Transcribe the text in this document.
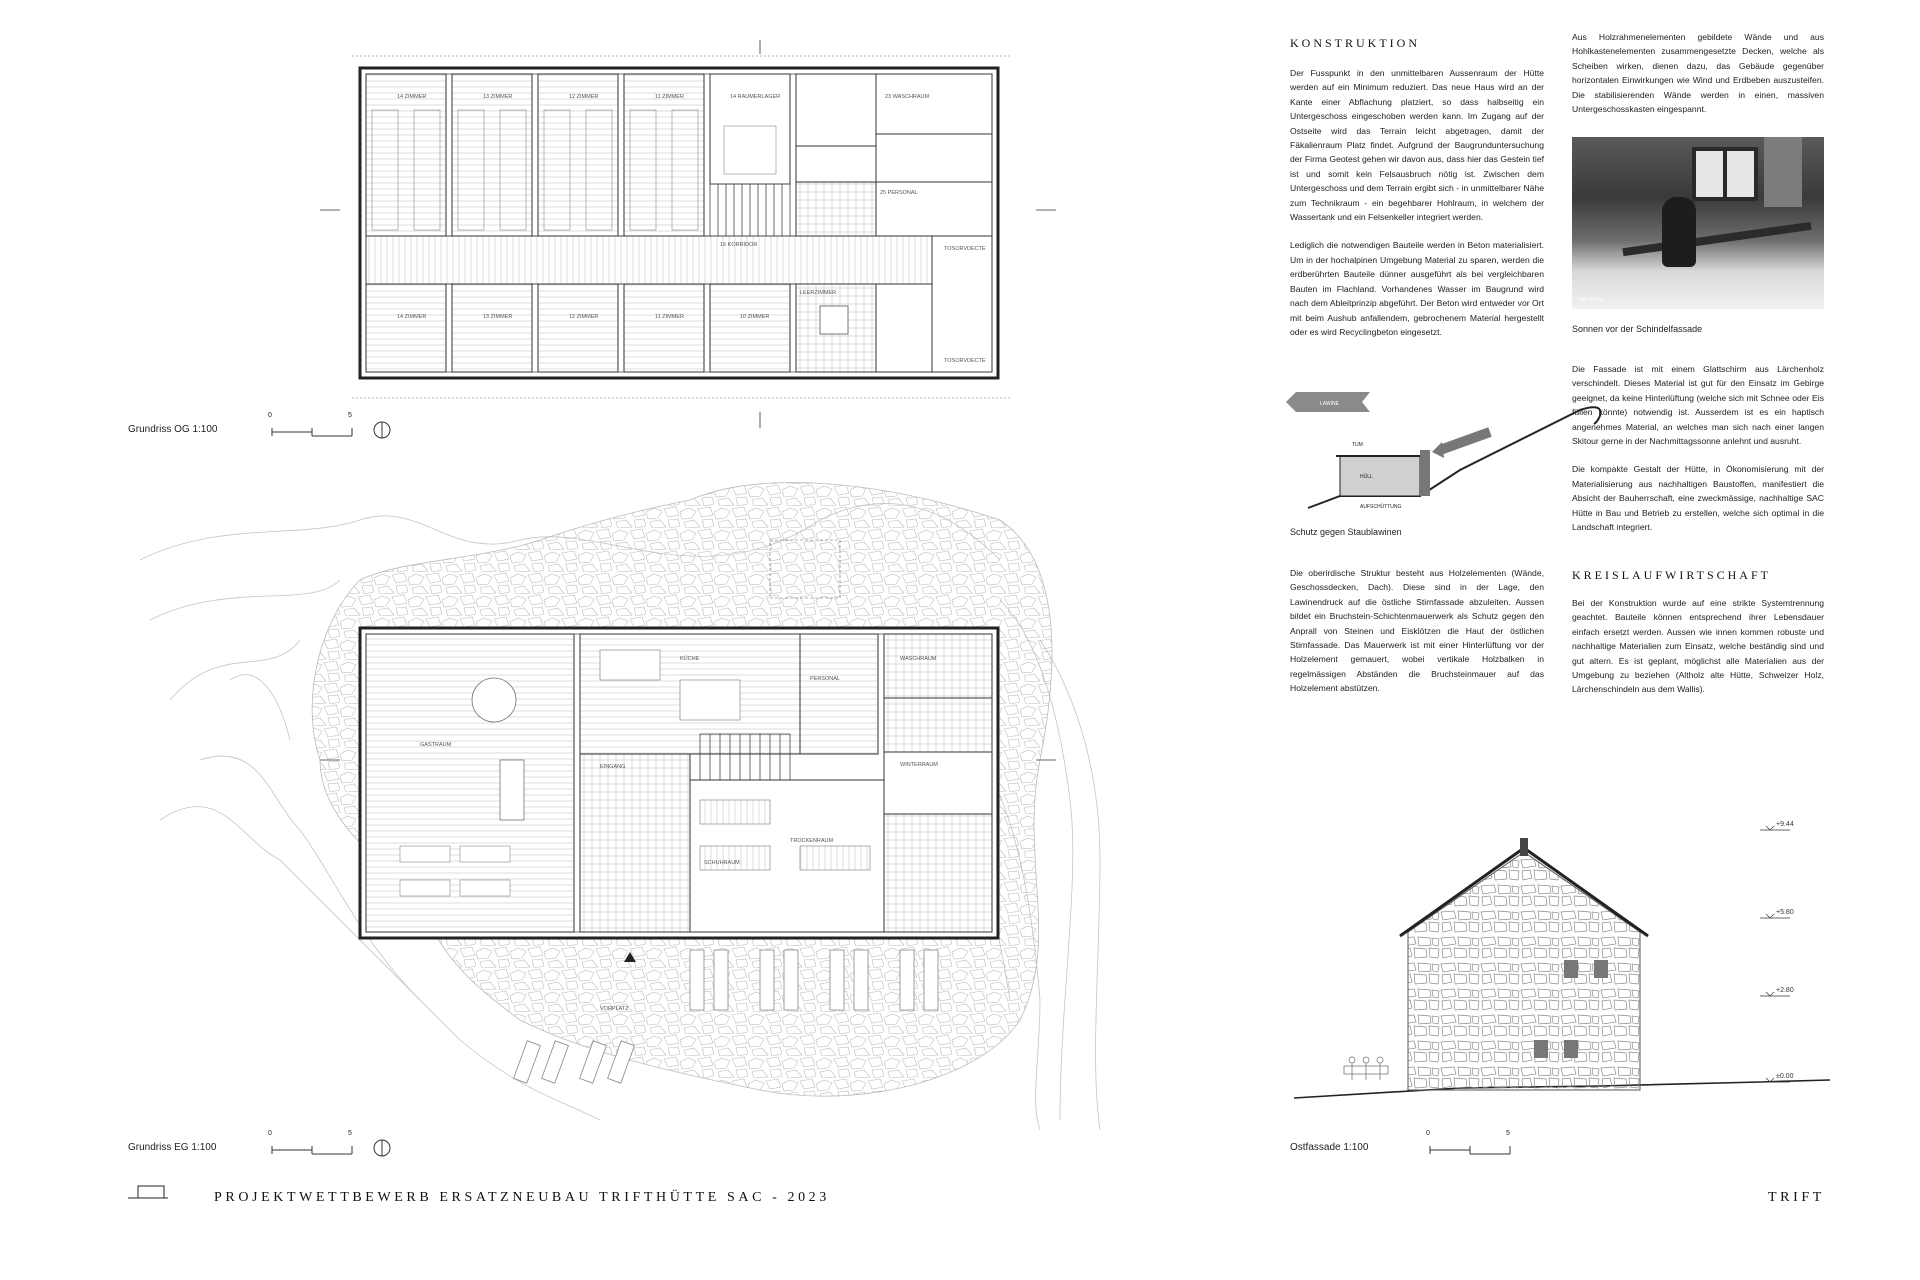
14 ZIMMER	13 ZIMMER	12 ZIMMER	11 ZIMMER	14 RAUMERLAGER	23 WASCHRAUM
25 PERSONAL
16 KORRIDOR
LEERZIMMER
14 ZIMMER	13 ZIMMER	12 ZIMMER	11 ZIMMER	10 ZIMMER
TOSORVDECTE
TOSORVDECTE
GASTRAUM
KÜCHE
PERSONAL
WASCHRAUM
EINGANG
SCHUHRAUM
TROCKENRAUM
WINTERRAUM
VORPLATZ
LAWINE
TUM
HÜLL
AUFSCHÜTTUNG
+9.44
+5.80
+2.80
±0.00
0	5
0	5	0	5
Grundriss OG 1:100
Grundriss EG 1:100	Ostfassade 1:100
KONSTRUKTION

Der Fusspunkt in den unmittelbaren Aussenraum der Hütte werden auf ein Minimum reduziert. Das neue Haus wird an der Kante einer Abflachung platziert, so dass halbseitig ein Untergeschoss eingeschoben werden kann. Im Zugang auf der Ostseite wird das Terrain leicht abgetragen, damit der Fäkalienraum Platz findet. Aufgrund der Baugrunduntersuchung der Firma Geotest gehen wir davon aus, dass hier das Gestein tief ist und somit kein Felsausbruch nötig ist. Zwischen dem Untergeschoss und dem Terrain ergibt sich - in unmittelbarer Nähe zum Technikraum - ein begehbarer Hohlraum, in welchem der Wassertank und ein Felsenkeller integriert werden.

Lediglich die notwendigen Bauteile werden in Beton materialisiert. Um in der hochalpinen Umgebung Material zu sparen, werden die erdberührten Bauteile dünner ausgeführt als bei vergleichbaren Bauten im Flachland. Vorhandenes Wasser im Baugrund wird nach dem Ableitprinzip abgeführt. Der Beton wird entweder vor Ort mit beim Aushub anfallendem, gebrochenem Material hergestellt oder es wird Recyclingbeton eingesetzt.

Schutz gegen Staublawinen

Die oberirdische Struktur besteht aus Holzelementen (Wände, Geschossdecken, Dach). Diese sind in der Lage, den Lawinendruck auf die östliche Stirnfassade abzuleiten. Aussen bildet ein Bruchstein-Schichtenmauerwerk als Schutz gegen den Anprall von Steinen und Eisklötzen die Haut der östlichen Stirnfassade. Das Mauerwerk ist mit einer Hinterlüftung vor der Holzelement gemauert, wobei vertikale Holzbalken in regelmässigen Abständen die Bruchsteinmauer auf das Holzelement abstützen.

Aus Holzrahmenelementen gebildete Wände und aus Hohlkastenelementen zusammengesetzte Decken, welche als Scheiben wirken, dienen dazu, das Gebäude gegenüber horizontalen Einwirkungen wie Wind und Erdbeben auszusteifen. Die stabilisierenden Wände werden in einen, massiven Untergeschosskasten eingespannt.

SAC Archiv
Sonnen vor der Schindelfassade

Die Fassade ist mit einem Glattschirm aus Lärchenholz verschindelt. Dieses Material ist gut für den Einsatz im Gebirge geeignet, da keine Hinterlüftung (welche sich mit Schnee oder Eis füllen könnte) notwendig ist. Ausserdem ist es ein haptisch angenehmes Material, an welches man sich nach einer langen Skitour gerne in der Nachmittagssonne anlehnt und ausruht.

Die kompakte Gestalt der Hütte, in Ökonomisierung mit der Materialisierung aus nachhaltigen Baustoffen, manifestiert die Absicht der Bauherrschaft, eine zweckmässige, nachhaltige SAC Hütte in Bau und Betrieb zu erstellen, welche sich optimal in die Landschaft integriert.

KREISLAUFWIRTSCHAFT

Bei der Konstruktion wurde auf eine strikte Systemtrennung geachtet. Bauteile können entsprechend ihrer Lebensdauer einfach ersetzt werden. Aussen wie innen kommen robuste und nachhaltige Materialien zum Einsatz, welche beständig sind und gut altern. Es ist geplant, möglichst alle Materialien aus der Umgebung zu beziehen (Altholz alte Hütte, Schweizer Holz, Lärchenschindeln aus dem Wallis).

PROJEKTWETTBEWERB ERSATZNEUBAU TRIFTHÜTTE SAC - 2023	TRIFT
